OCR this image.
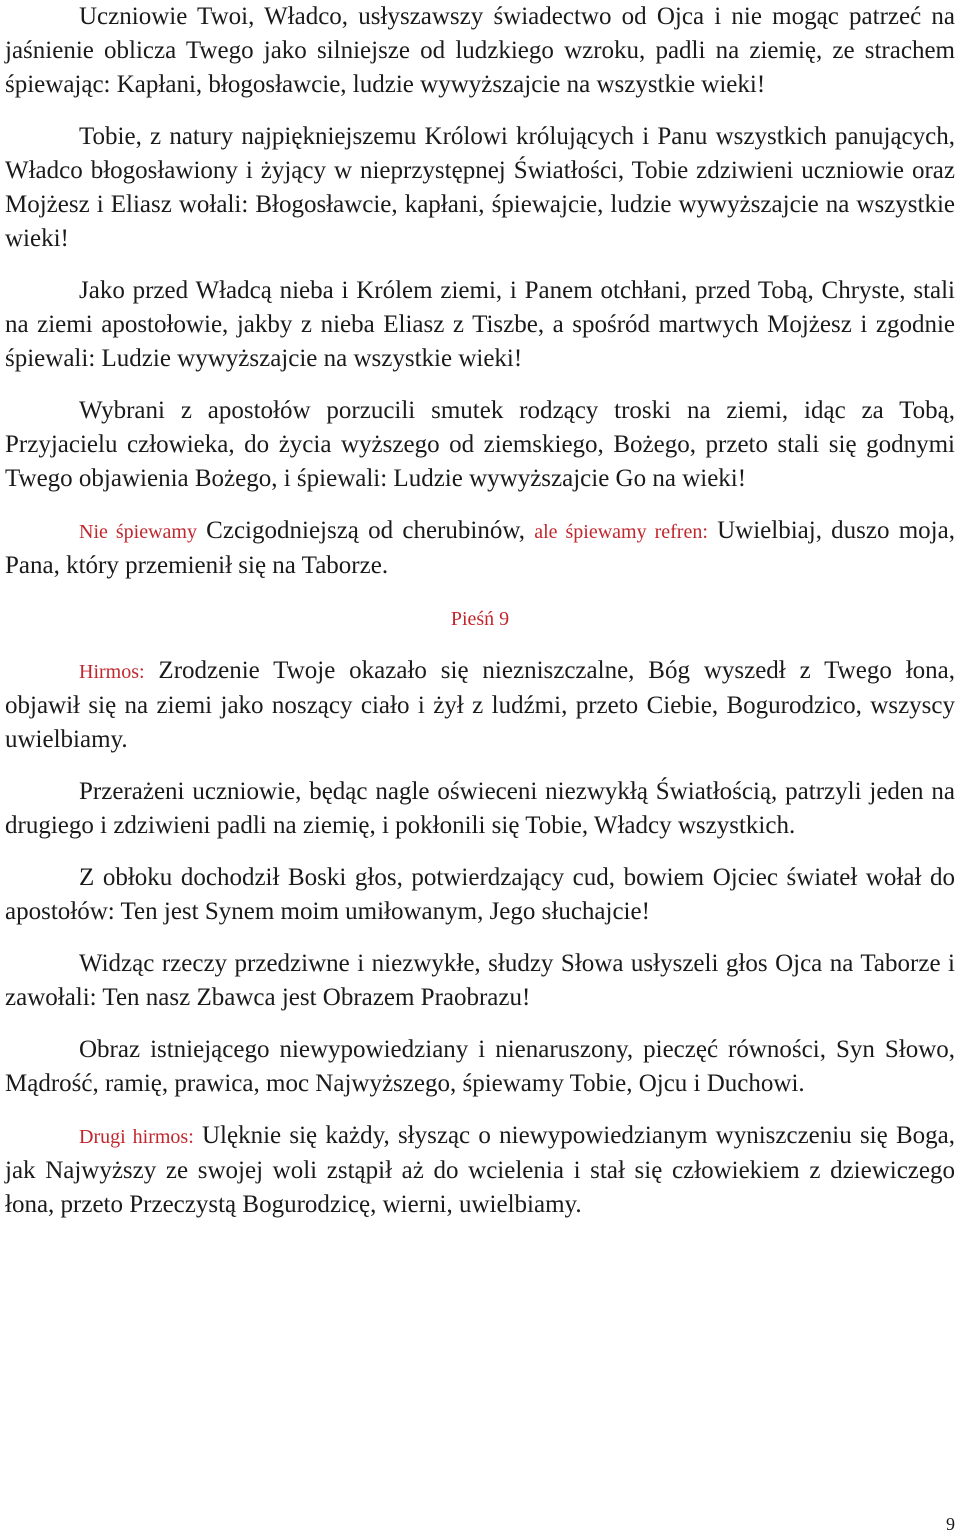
Uczniowie Twoi, Władco, usłyszawszy świadectwo od Ojca i nie mogąc patrzeć na jaśnienie oblicza Twego jako silniejsze od ludzkiego wzroku, padli na ziemię, ze strachem śpiewając: Kapłani, błogosławcie, ludzie wywyższajcie na wszystkie wieki!

Tobie, z natury najpiękniejszemu Królowi królujących i Panu wszystkich panujących, Władco błogosławiony i żyjący w nieprzystępnej Światłości, Tobie zdziwieni uczniowie oraz Mojżesz i Eliasz wołali: Błogosławcie, kapłani, śpiewajcie, ludzie wywyższajcie na wszystkie wieki!

Jako przed Władcą nieba i Królem ziemi, i Panem otchłani, przed Tobą, Chryste, stali na ziemi apostołowie, jakby z nieba Eliasz z Tiszbe, a spośród martwych Mojżesz i zgodnie śpiewali: Ludzie wywyższajcie na wszystkie wieki!

Wybrani z apostołów porzucili smutek rodzący troski na ziemi, idąc za Tobą, Przyjacielu człowieka, do życia wyższego od ziemskiego, Bożego, przeto stali się godnymi Twego objawienia Bożego, i śpiewali: Ludzie wywyższajcie Go na wieki!

Nie śpiewamy Czcigodniejszą od cherubinów, ale śpiewamy refren: Uwielbiaj, duszo moja, Pana, który przemienił się na Taborze.

Pieśń 9

Hirmos: Zrodzenie Twoje okazało się niezniszczalne, Bóg wyszedł z Twego łona, objawił się na ziemi jako noszący ciało i żył z ludźmi, przeto Ciebie, Bogurodzico, wszyscy uwielbiamy.

Przerażeni uczniowie, będąc nagle oświeceni niezwykłą Światłością, patrzyli jeden na drugiego i zdziwieni padli na ziemię, i pokłonili się Tobie, Władcy wszystkich.

Z obłoku dochodził Boski głos, potwierdzający cud, bowiem Ojciec świateł wołał do apostołów: Ten jest Synem moim umiłowanym, Jego słuchajcie!

Widząc rzeczy przedziwne i niezwykłe, słudzy Słowa usłyszeli głos Ojca na Taborze i zawołali: Ten nasz Zbawca jest Obrazem Praobrazu!

Obraz istniejącego niewypowiedziany i nienaruszony, pieczęć równości, Syn Słowo, Mądrość, ramię, prawica, moc Najwyższego, śpiewamy Tobie, Ojcu i Duchowi.

Drugi hirmos: Ulęknie się każdy, słysząc o niewypowiedzianym wyniszczeniu się Boga, jak Najwyższy ze swojej woli zstąpił aż do wcielenia i stał się człowiekiem z dziewiczego łona, przeto Przeczystą Bogurodzicę, wierni, uwielbiamy.

9
